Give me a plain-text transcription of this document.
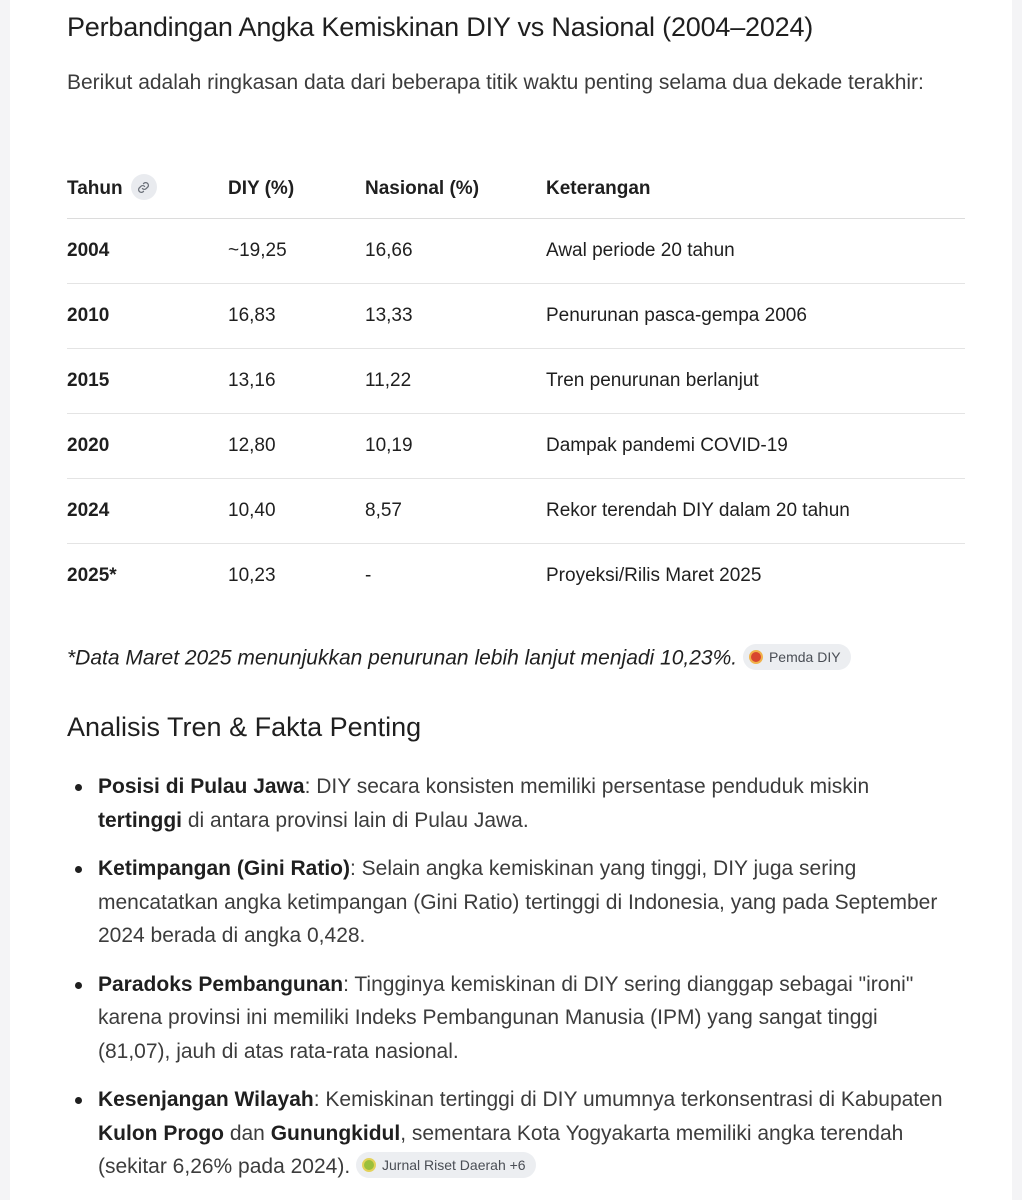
Perbandingan Angka Kemiskinan DIY vs Nasional (2004–2024)

Berikut adalah ringkasan data dari beberapa titik waktu penting selama dua dekade terakhir:

Tahun	DIY (%)	Nasional (%)	Keterangan
2004	~19,25	16,66	Awal periode 20 tahun
2010	16,83	13,33	Penurunan pasca-gempa 2006
2015	13,16	11,22	Tren penurunan berlanjut
2020	12,80	10,19	Dampak pandemi COVID-19
2024	10,40	8,57	Rekor terendah DIY dalam 20 tahun
2025*	10,23	-	Proyeksi/Rilis Maret 2025

*Data Maret 2025 menunjukkan penurunan lebih lanjut menjadi 10,23%. Pemda DIY

Analisis Tren & Fakta Penting
Posisi di Pulau Jawa: DIY secara konsisten memiliki persentase penduduk miskin tertinggi di antara provinsi lain di Pulau Jawa.
Ketimpangan (Gini Ratio): Selain angka kemiskinan yang tinggi, DIY juga sering mencatatkan angka ketimpangan (Gini Ratio) tertinggi di Indonesia, yang pada September 2024 berada di angka 0,428.
Paradoks Pembangunan: Tingginya kemiskinan di DIY sering dianggap sebagai "ironi" karena provinsi ini memiliki Indeks Pembangunan Manusia (IPM) yang sangat tinggi (81,07), jauh di atas rata-rata nasional.
Kesenjangan Wilayah: Kemiskinan tertinggi di DIY umumnya terkonsentrasi di Kabupaten Kulon Progo dan Gunungkidul, sementara Kota Yogyakarta memiliki angka terendah (sekitar 6,26% pada 2024). Jurnal Riset Daerah +6
